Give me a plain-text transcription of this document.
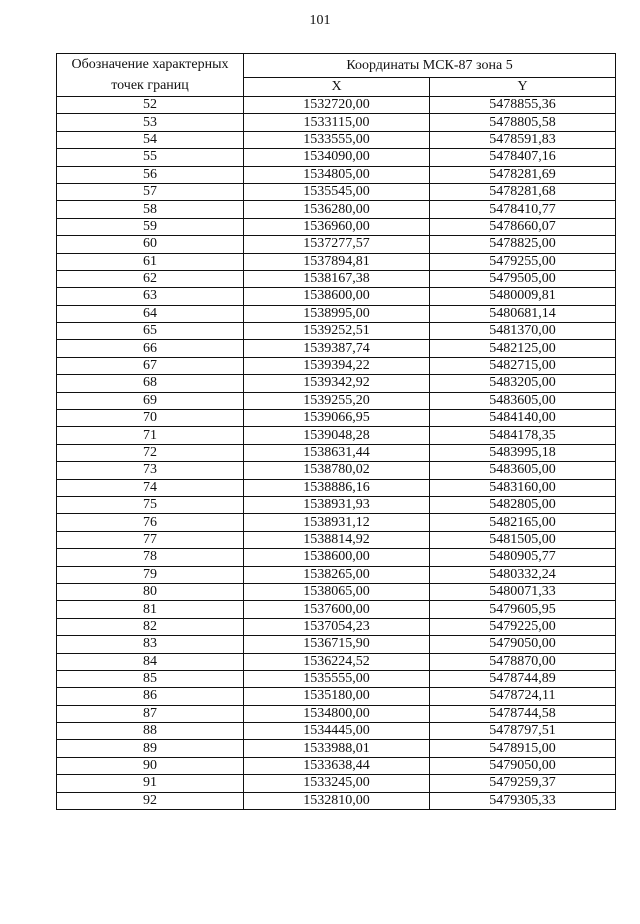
101
Обозначение характерных точек границ	Координаты МСК-87 зона 5	
	X	Y
52	1532720,00	5478855,36
53	1533115,00	5478805,58
54	1533555,00	5478591,83
55	1534090,00	5478407,16
56	1534805,00	5478281,69
57	1535545,00	5478281,68
58	1536280,00	5478410,77
59	1536960,00	5478660,07
60	1537277,57	5478825,00
61	1537894,81	5479255,00
62	1538167,38	5479505,00
63	1538600,00	5480009,81
64	1538995,00	5480681,14
65	1539252,51	5481370,00
66	1539387,74	5482125,00
67	1539394,22	5482715,00
68	1539342,92	5483205,00
69	1539255,20	5483605,00
70	1539066,95	5484140,00
71	1539048,28	5484178,35
72	1538631,44	5483995,18
73	1538780,02	5483605,00
74	1538886,16	5483160,00
75	1538931,93	5482805,00
76	1538931,12	5482165,00
77	1538814,92	5481505,00
78	1538600,00	5480905,77
79	1538265,00	5480332,24
80	1538065,00	5480071,33
81	1537600,00	5479605,95
82	1537054,23	5479225,00
83	1536715,90	5479050,00
84	1536224,52	5478870,00
85	1535555,00	5478744,89
86	1535180,00	5478724,11
87	1534800,00	5478744,58
88	1534445,00	5478797,51
89	1533988,01	5478915,00
90	1533638,44	5479050,00
91	1533245,00	5479259,37
92	1532810,00	5479305,33
